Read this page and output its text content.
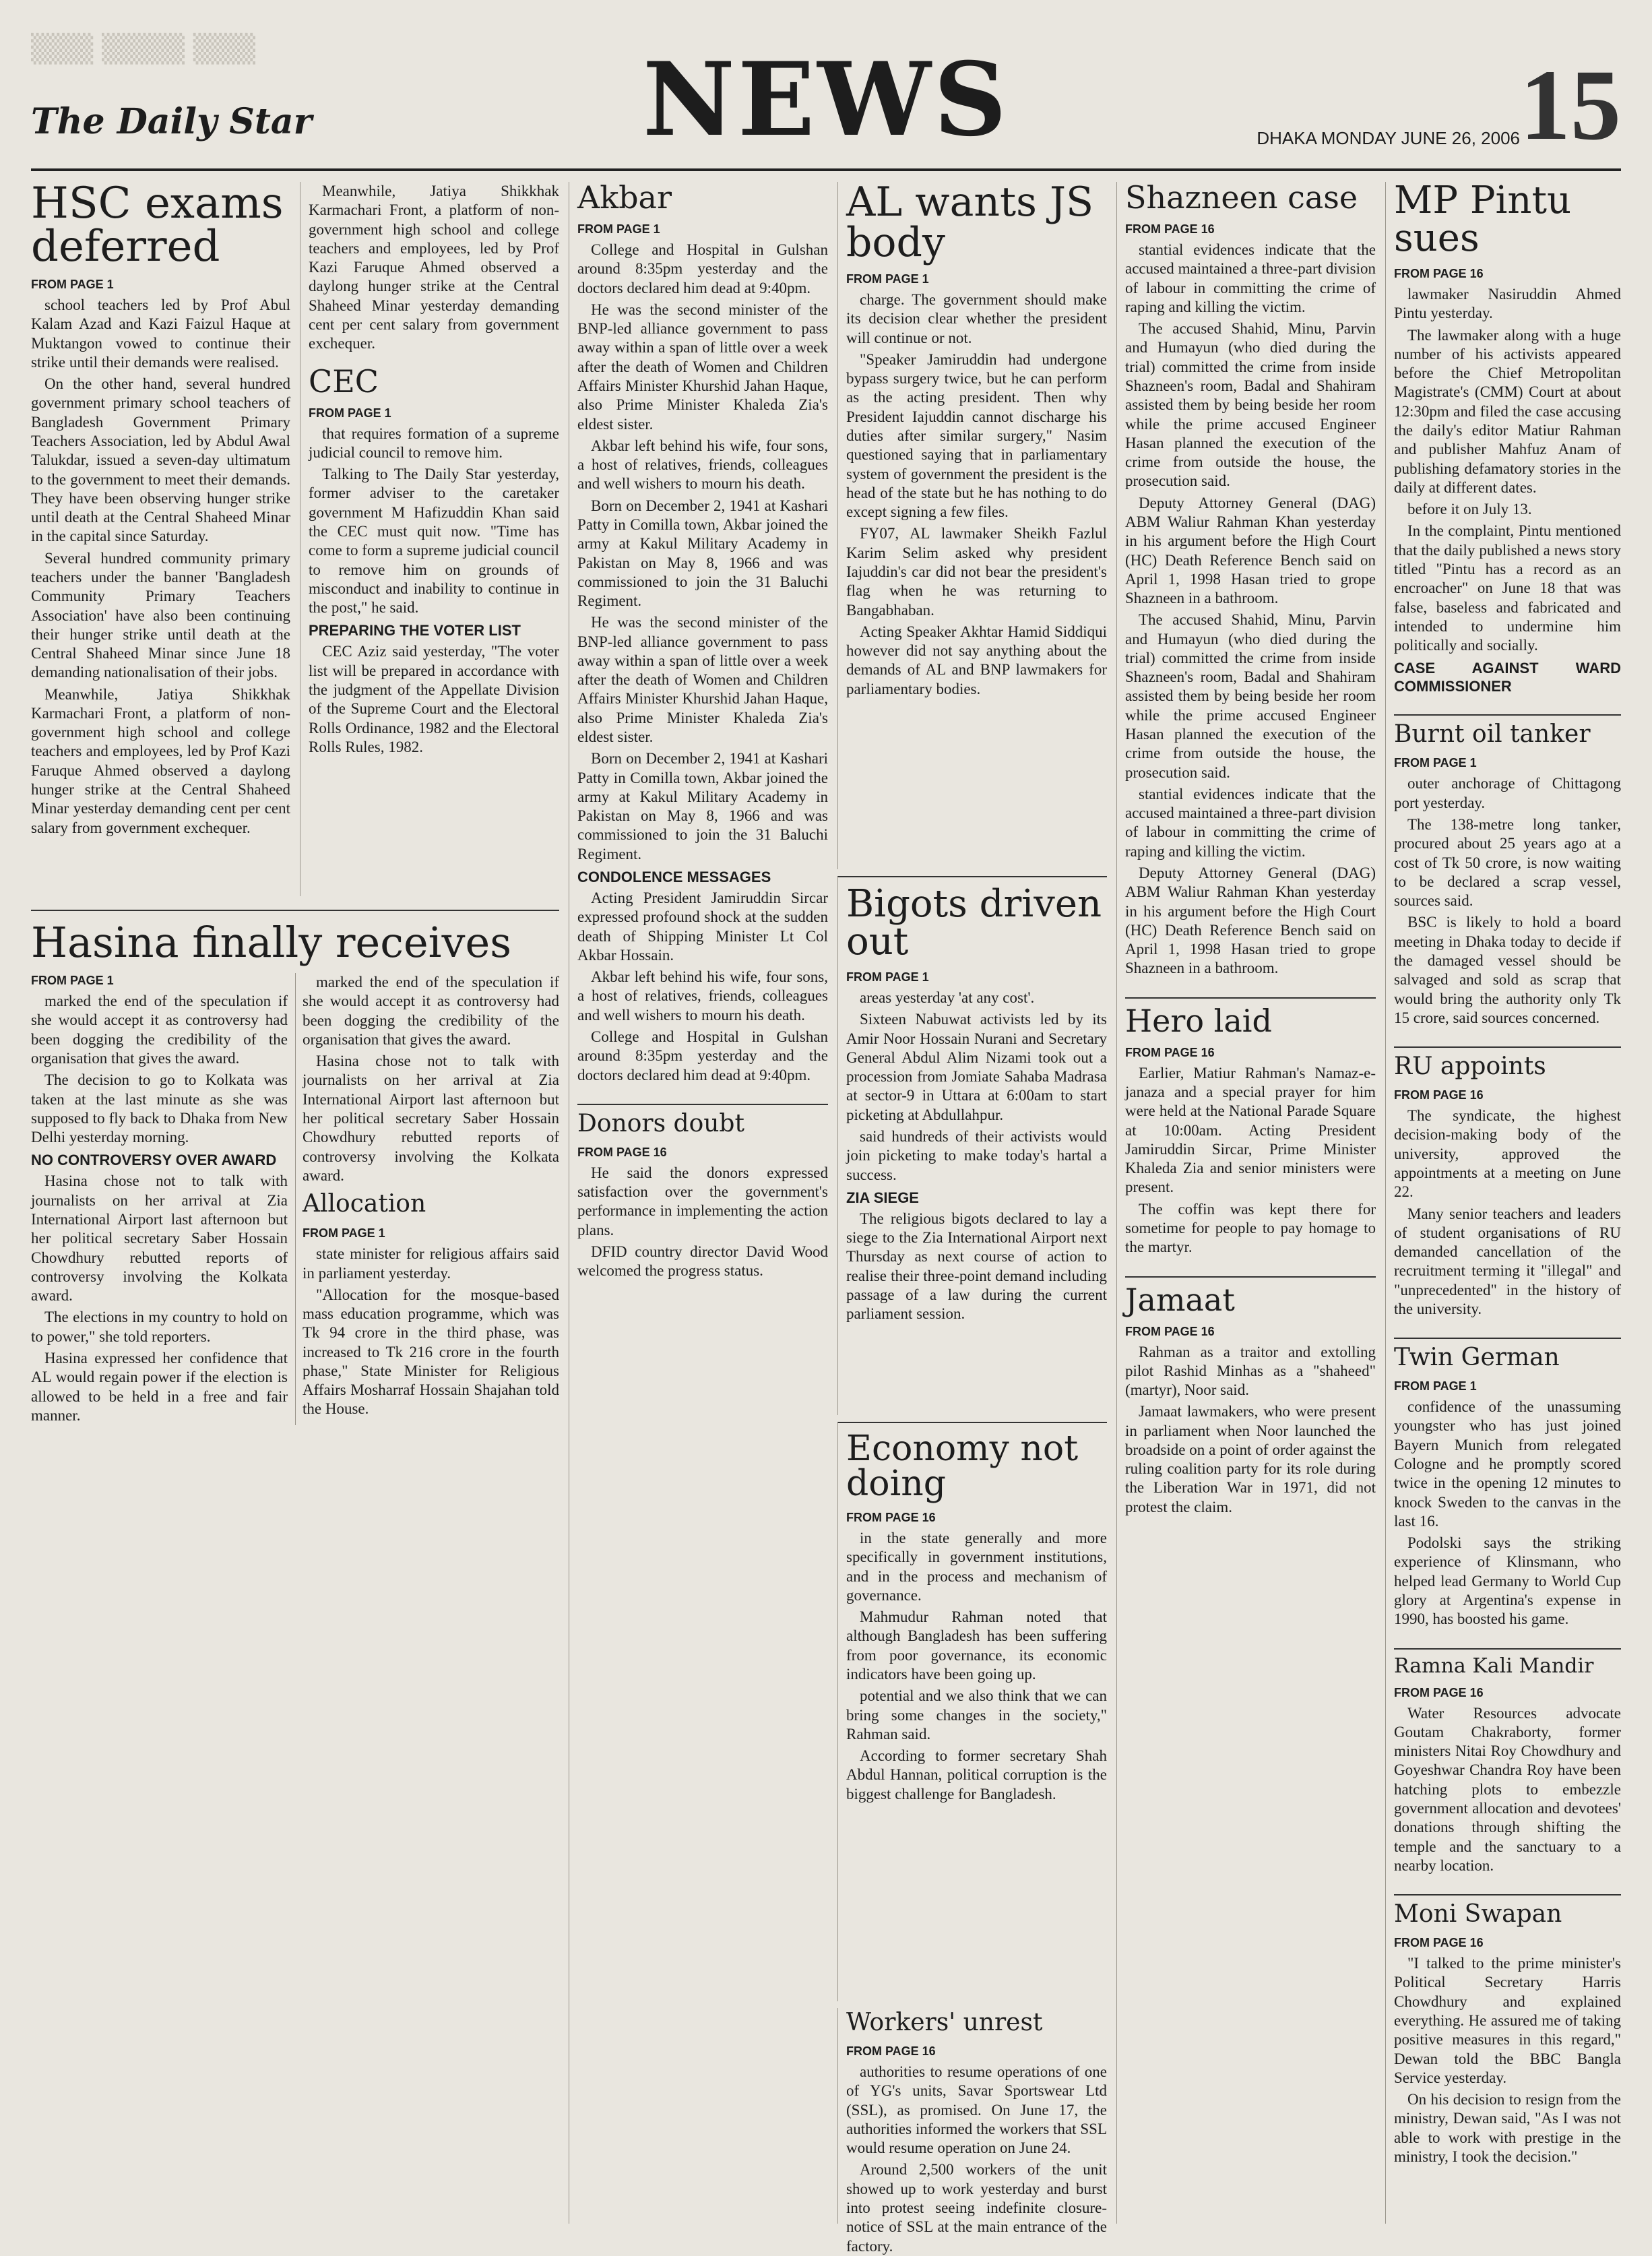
▒▒▒ ▒▒▒▒ ▒▒▒
The Daily Star	NEWS	DHAKA MONDAY JUNE 26, 2006 15
HSC exams deferred
FROM PAGE 1

school teachers led by Prof Abul Kalam Azad and Kazi Faizul Haque at Muktangon vowed to continue their strike until their demands were realised.

On the other hand, several hundred government primary school teachers of Bangladesh Government Primary Teachers Association, led by Abdul Awal Talukdar, issued a seven-day ultimatum to the government to meet their demands. They have been observing hunger strike until death at the Central Shaheed Minar in the capital since Saturday.

Several hundred community primary teachers under the banner 'Bangladesh Community Primary Teachers Association' have also been continuing their hunger strike until death at the Central Shaheed Minar since June 18 demanding nationalisation of their jobs.

Meanwhile, Jatiya Shikkhak Karmachari Front, a platform of non-government high school and college teachers and employees, led by Prof Kazi Faruque Ahmed observed a daylong hunger strike at the Central Shaheed Minar yesterday demanding cent per cent salary from government exchequer.

Meanwhile, Jatiya Shikkhak Karmachari Front, a platform of non-government high school and college teachers and employees, led by Prof Kazi Faruque Ahmed observed a daylong hunger strike at the Central Shaheed Minar yesterday demanding cent per cent salary from government exchequer.

CEC
FROM PAGE 1

that requires formation of a supreme judicial council to remove him.

Talking to The Daily Star yesterday, former adviser to the caretaker government M Hafizuddin Khan said the CEC must quit now. "Time has come to form a supreme judicial council to remove him on grounds of misconduct and inability to continue in the post," he said.

PREPARING THE VOTER LIST

CEC Aziz said yesterday, "The voter list will be prepared in accordance with the judgment of the Appellate Division of the Supreme Court and the Electoral Rolls Ordinance, 1982 and the Electoral Rolls Rules, 1982.

Hasina finally receives
FROM PAGE 1

marked the end of the speculation if she would accept it as controversy had been dogging the credibility of the organisation that gives the award.

The decision to go to Kolkata was taken at the last minute as she was supposed to fly back to Dhaka from New Delhi yesterday morning.

NO CONTROVERSY OVER AWARD

Hasina chose not to talk with journalists on her arrival at Zia International Airport last afternoon but her political secretary Saber Hossain Chowdhury rebutted reports of controversy involving the Kolkata award.

The elections in my country to hold on to power," she told reporters.

Hasina expressed her confidence that AL would regain power if the election is allowed to be held in a free and fair manner.

marked the end of the speculation if she would accept it as controversy had been dogging the credibility of the organisation that gives the award.

Hasina chose not to talk with journalists on her arrival at Zia International Airport last afternoon but her political secretary Saber Hossain Chowdhury rebutted reports of controversy involving the Kolkata award.

Allocation
FROM PAGE 1

state minister for religious affairs said in parliament yesterday.

"Allocation for the mosque-based mass education programme, which was Tk 94 crore in the third phase, was increased to Tk 216 crore in the fourth phase," State Minister for Religious Affairs Mosharraf Hossain Shajahan told the House.

Akbar
FROM PAGE 1

College and Hospital in Gulshan around 8:35pm yesterday and the doctors declared him dead at 9:40pm.

He was the second minister of the BNP-led alliance government to pass away within a span of little over a week after the death of Women and Children Affairs Minister Khurshid Jahan Haque, also Prime Minister Khaleda Zia's eldest sister.

Akbar left behind his wife, four sons, a host of relatives, friends, colleagues and well wishers to mourn his death.

Born on December 2, 1941 at Kashari Patty in Comilla town, Akbar joined the army at Kakul Military Academy in Pakistan on May 8, 1966 and was commissioned to join the 31 Baluchi Regiment.

He was the second minister of the BNP-led alliance government to pass away within a span of little over a week after the death of Women and Children Affairs Minister Khurshid Jahan Haque, also Prime Minister Khaleda Zia's eldest sister.

Born on December 2, 1941 at Kashari Patty in Comilla town, Akbar joined the army at Kakul Military Academy in Pakistan on May 8, 1966 and was commissioned to join the 31 Baluchi Regiment.

CONDOLENCE MESSAGES

Acting President Jamiruddin Sircar expressed profound shock at the sudden death of Shipping Minister Lt Col Akbar Hossain.

Akbar left behind his wife, four sons, a host of relatives, friends, colleagues and well wishers to mourn his death.

College and Hospital in Gulshan around 8:35pm yesterday and the doctors declared him dead at 9:40pm.

Donors doubt
FROM PAGE 16

He said the donors expressed satisfaction over the government's performance in implementing the action plans.

DFID country director David Wood welcomed the progress status.

AL wants JS body
FROM PAGE 1

charge. The government should make its decision clear whether the president will continue or not.

"Speaker Jamiruddin had undergone bypass surgery twice, but he can perform as the acting president. Then why President Iajuddin cannot discharge his duties after similar surgery," Nasim questioned saying that in parliamentary system of government the president is the head of the state but he has nothing to do except signing a few files.

FY07, AL lawmaker Sheikh Fazlul Karim Selim asked why president Iajuddin's car did not bear the president's flag when he was returning to Bangabhaban.

Acting Speaker Akhtar Hamid Siddiqui however did not say anything about the demands of AL and BNP lawmakers for parliamentary bodies.

Bigots driven out
FROM PAGE 1

areas yesterday 'at any cost'.

Sixteen Nabuwat activists led by its Amir Noor Hossain Nurani and Secretary General Abdul Alim Nizami took out a procession from Jomiate Sahaba Madrasa at sector-9 in Uttara at 6:00am to start picketing at Abdullahpur.

said hundreds of their activists would join picketing to make today's hartal a success.

ZIA SIEGE

The religious bigots declared to lay a siege to the Zia International Airport next Thursday as next course of action to realise their three-point demand including passage of a law during the current parliament session.

Economy not doing
FROM PAGE 16

in the state generally and more specifically in government institutions, and in the process and mechanism of governance.

Mahmudur Rahman noted that although Bangladesh has been suffering from poor governance, its economic indicators have been going up.

potential and we also think that we can bring some changes in the society," Rahman said.

According to former secretary Shah Abdul Hannan, political corruption is the biggest challenge for Bangladesh.

Workers' unrest
FROM PAGE 16

authorities to resume operations of one of YG's units, Savar Sportswear Ltd (SSL), as promised. On June 17, the authorities informed the workers that SSL would resume operation on June 24.

Around 2,500 workers of the unit showed up to work yesterday and burst into protest seeing indefinite closure-notice of SSL at the main entrance of the factory.

Shazneen case
FROM PAGE 16

stantial evidences indicate that the accused maintained a three-part division of labour in committing the crime of raping and killing the victim.

The accused Shahid, Minu, Parvin and Humayun (who died during the trial) committed the crime from inside Shazneen's room, Badal and Shahiram assisted them by being beside her room while the prime accused Engineer Hasan planned the execution of the crime from outside the house, the prosecution said.

Deputy Attorney General (DAG) ABM Waliur Rahman Khan yesterday in his argument before the High Court (HC) Death Reference Bench said on April 1, 1998 Hasan tried to grope Shazneen in a bathroom.

The accused Shahid, Minu, Parvin and Humayun (who died during the trial) committed the crime from inside Shazneen's room, Badal and Shahiram assisted them by being beside her room while the prime accused Engineer Hasan planned the execution of the crime from outside the house, the prosecution said.

stantial evidences indicate that the accused maintained a three-part division of labour in committing the crime of raping and killing the victim.

Deputy Attorney General (DAG) ABM Waliur Rahman Khan yesterday in his argument before the High Court (HC) Death Reference Bench said on April 1, 1998 Hasan tried to grope Shazneen in a bathroom.

Hero laid
FROM PAGE 16

Earlier, Matiur Rahman's Namaz-e-janaza and a special prayer for him were held at the National Parade Square at 10:00am. Acting President Jamiruddin Sircar, Prime Minister Khaleda Zia and senior ministers were present.

The coffin was kept there for sometime for people to pay homage to the martyr.

Jamaat
FROM PAGE 16

Rahman as a traitor and extolling pilot Rashid Minhas as a "shaheed" (martyr), Noor said.

Jamaat lawmakers, who were present in parliament when Noor launched the broadside on a point of order against the ruling coalition party for its role during the Liberation War in 1971, did not protest the claim.

MP Pintu sues
FROM PAGE 16

lawmaker Nasiruddin Ahmed Pintu yesterday.

The lawmaker along with a huge number of his activists appeared before the Chief Metropolitan Magistrate's (CMM) Court at about 12:30pm and filed the case accusing the daily's editor Matiur Rahman and publisher Mahfuz Anam of publishing defamatory stories in the daily at different dates.

before it on July 13.

In the complaint, Pintu mentioned that the daily published a news story titled "Pintu has a record as an encroacher" on June 18 that was false, baseless and fabricated and intended to undermine him politically and socially.

CASE AGAINST WARD COMMISSIONER
Burnt oil tanker
FROM PAGE 1

outer anchorage of Chittagong port yesterday.

The 138-metre long tanker, procured about 25 years ago at a cost of Tk 50 crore, is now waiting to be declared a scrap vessel, sources said.

BSC is likely to hold a board meeting in Dhaka today to decide if the damaged vessel should be salvaged and sold as scrap that would bring the authority only Tk 15 crore, said sources concerned.

RU appoints
FROM PAGE 16

The syndicate, the highest decision-making body of the university, approved the appointments at a meeting on June 22.

Many senior teachers and leaders of student organisations of RU demanded cancellation of the recruitment terming it "illegal" and "unprecedented" in the history of the university.

Twin German
FROM PAGE 1

confidence of the unassuming youngster who has just joined Bayern Munich from relegated Cologne and he promptly scored twice in the opening 12 minutes to knock Sweden to the canvas in the last 16.

Podolski says the striking experience of Klinsmann, who helped lead Germany to World Cup glory at Argentina's expense in 1990, has boosted his game.

Ramna Kali Mandir
FROM PAGE 16

Water Resources advocate Goutam Chakraborty, former ministers Nitai Roy Chowdhury and Goyeshwar Chandra Roy have been hatching plots to embezzle government allocation and devotees' donations through shifting the temple and the sanctuary to a nearby location.

Moni Swapan
FROM PAGE 16

"I talked to the prime minister's Political Secretary Harris Chowdhury and explained everything. He assured me of taking positive measures in this regard," Dewan told the BBC Bangla Service yesterday.

On his decision to resign from the ministry, Dewan said, "As I was not able to work with prestige in the ministry, I took the decision."
